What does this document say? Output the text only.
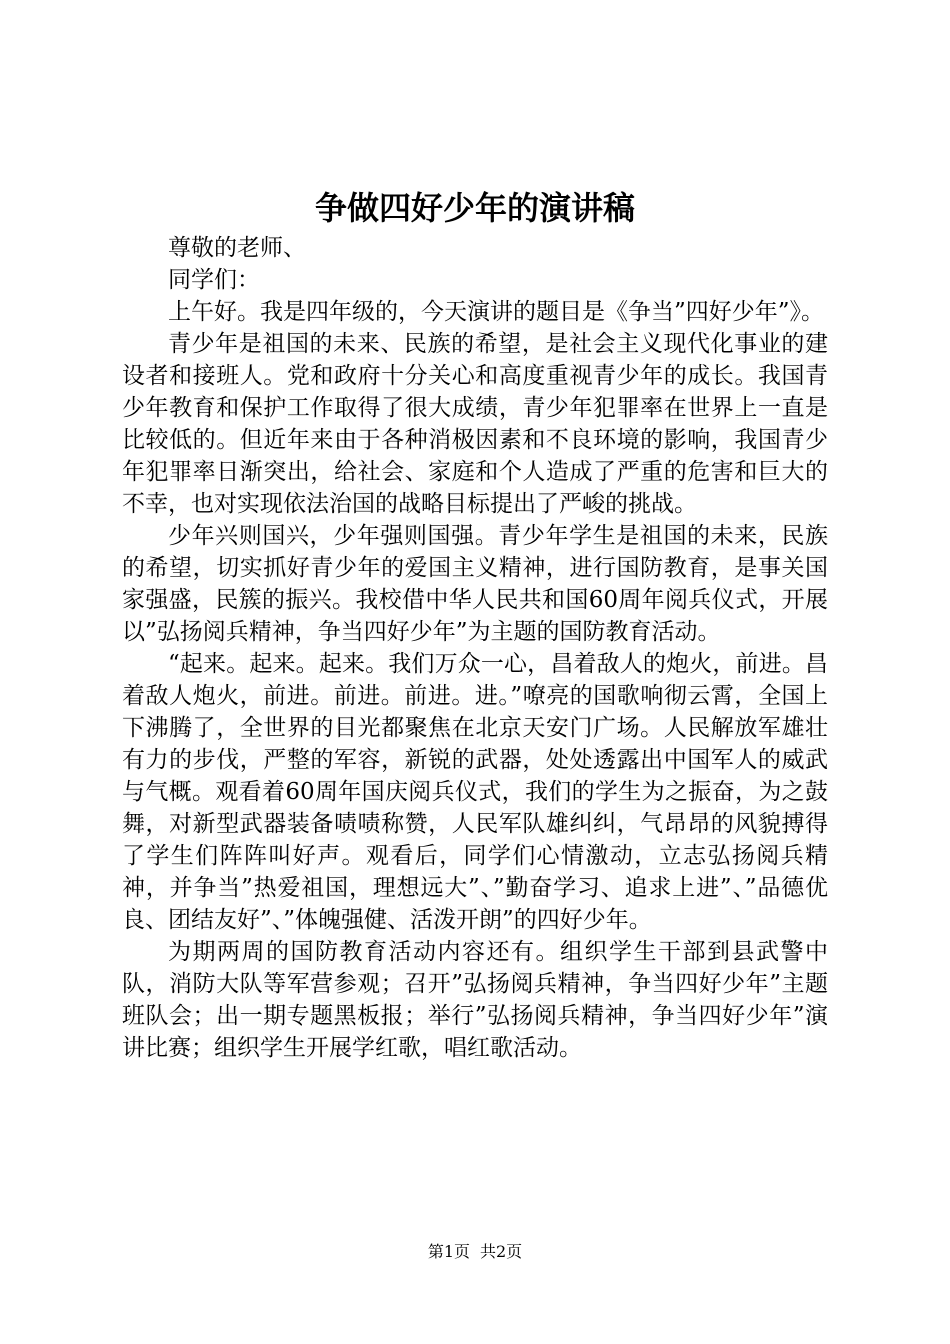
争做四好少年的演讲稿

尊敬的老师、

同学们：

上午好。我是四年级的，今天演讲的题目是《争当”四好少年”》。

青少年是祖国的未来、民族的希望，是社会主义现代化事业的建设者和接班人。党和政府十分关心和高度重视青少年的成长。我国青少年教育和保护工作取得了很大成绩，青少年犯罪率在世界上一直是比较低的。但近年来由于各种消极因素和不良环境的影响，我国青少年犯罪率日渐突出，给社会、家庭和个人造成了严重的危害和巨大的不幸，也对实现依法治国的战略目标提出了严峻的挑战。

少年兴则国兴，少年强则国强。青少年学生是祖国的未来，民族的希望，切实抓好青少年的爱国主义精神，进行国防教育，是事关国家强盛，民簇的振兴。我校借中华人民共和国60周年阅兵仪式，开展以”弘扬阅兵精神，争当四好少年”为主题的国防教育活动。

“起来。起来。起来。我们万众一心，昌着敌人的炮火，前进。昌着敌人炮火，前进。前进。前进。进。”嘹亮的国歌响彻云霄，全国上下沸腾了，全世界的目光都聚焦在北京天安门广场。人民解放军雄壮有力的步伐，严整的军容，新锐的武器，处处透露出中国军人的威武与气概。观看着60周年国庆阅兵仪式，我们的学生为之振奋，为之鼓舞，对新型武器装备啧啧称赞，人民军队雄纠纠，气昂昂的风貌搏得了学生们阵阵叫好声。观看后，同学们心情激动，立志弘扬阅兵精神，并争当”热爱祖国，理想远大”、”勤奋学习、追求上进”、”品德优良、团结友好”、”体魄强健、活泼开朗”的四好少年。

为期两周的国防教育活动内容还有。组织学生干部到县武警中队，消防大队等军营参观；召开”弘扬阅兵精神，争当四好少年”主题班队会；出一期专题黑板报；举行”弘扬阅兵精神，争当四好少年”演讲比赛；组织学生开展学红歌，唱红歌活动。

第1页 共2页
